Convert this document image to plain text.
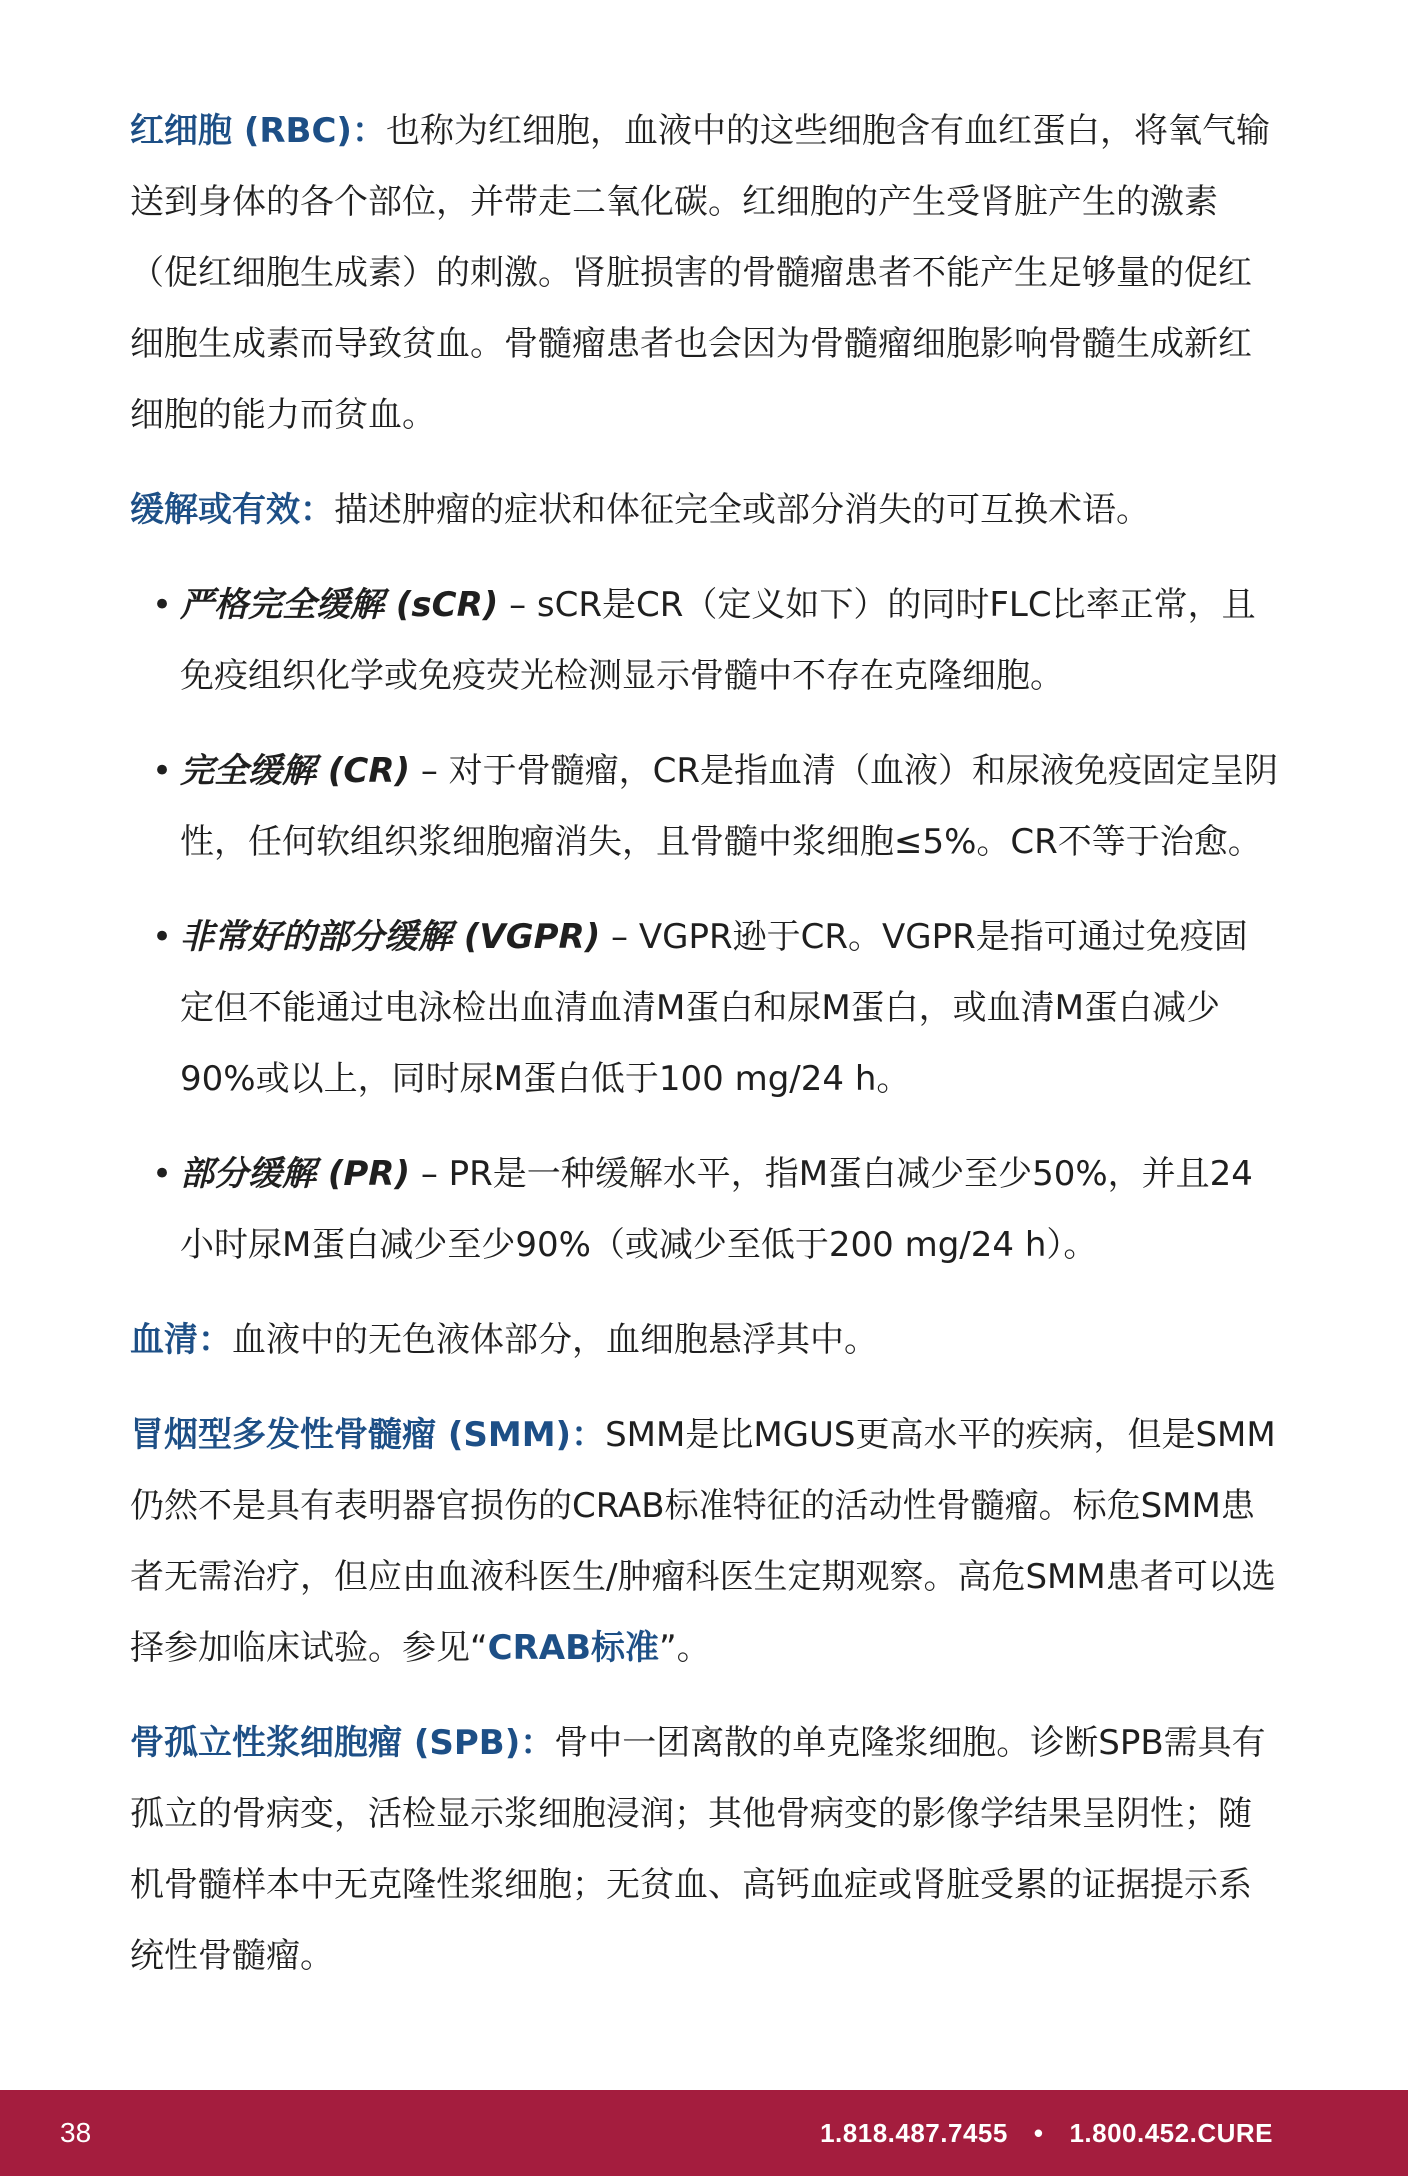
红细胞 (RBC)：也称为红细胞，血液中的这些细胞含有血红蛋白，将氧气输送到身体的各个部位，并带走二氧化碳。红细胞的产生受肾脏产生的激素（促红细胞生成素）的刺激。肾脏损害的骨髓瘤患者不能产生足够量的促红细胞生成素而导致贫血。骨髓瘤患者也会因为骨髓瘤细胞影响骨髓生成新红细胞的能力而贫血。

缓解或有效：描述肿瘤的症状和体征完全或部分消失的可互换术语。

• 严格完全缓解 (sCR) – sCR是CR（定义如下）的同时FLC比率正常，且免疫组织化学或免疫荧光检测显示骨髓中不存在克隆细胞。

• 完全缓解 (CR) – 对于骨髓瘤，CR是指血清（血液）和尿液免疫固定呈阴性，任何软组织浆细胞瘤消失，且骨髓中浆细胞≤5%。CR不等于治愈。

• 非常好的部分缓解 (VGPR) – VGPR逊于CR。VGPR是指可通过免疫固定但不能通过电泳检出血清血清M蛋白和尿M蛋白，或血清M蛋白减少90%或以上，同时尿M蛋白低于100 mg/24 h。

• 部分缓解 (PR) – PR是一种缓解水平，指M蛋白减少至少50%，并且24小时尿M蛋白减少至少90%（或减少至低于200 mg/24 h）。

血清：血液中的无色液体部分，血细胞悬浮其中。

冒烟型多发性骨髓瘤 (SMM)：SMM是比MGUS更高水平的疾病，但是SMM仍然不是具有表明器官损伤的CRAB标准特征的活动性骨髓瘤。标危SMM患者无需治疗，但应由血液科医生/肿瘤科医生定期观察。高危SMM患者可以选择参加临床试验。参见“CRAB标准”。

骨孤立性浆细胞瘤 (SPB)：骨中一团离散的单克隆浆细胞。诊断SPB需具有孤立的骨病变，活检显示浆细胞浸润；其他骨病变的影像学结果呈阴性；随机骨髓样本中无克隆性浆细胞；无贫血、高钙血症或肾脏受累的证据提示系统性骨髓瘤。

38	1.818.487.7455 • 1.800.452.CURE
